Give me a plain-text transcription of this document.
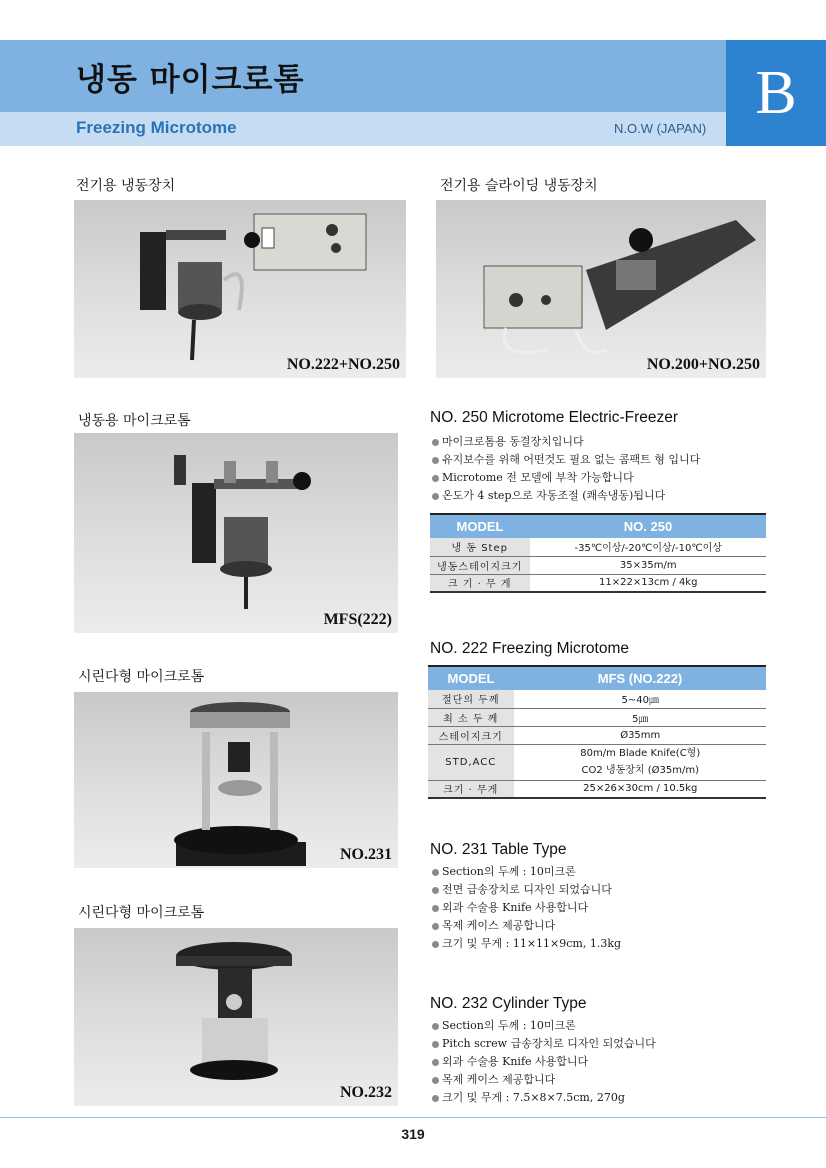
냉동 마이크로톰
Freezing Microtome	N.O.W (JAPAN)
B
전기용 냉동장치	전기용 슬라이딩 냉동장치
NO.222+NO.250	NO.200+NO.250
냉동용 마이크로톰
MFS(222)
NO. 250 Microtome Electric-Freezer
마이크로톰용 동결장치입니다
유지보수를 위해 어떤것도 필요 없는 콤팩트 형 입니다
Microtome 전 모델에 부착 가능합니다
온도가 4 step으로 자동조절 (쾌속냉동)됩니다
MODEL	NO. 250
냉 동 Step	-35℃이상/-20℃이상/-10℃이상
냉동스테이지크기	35×35m/m
크 기 · 무 게	11×22×13cm / 4kg
NO. 222 Freezing Microtome
MODEL	MFS (NO.222)
절단의 두께	5~40㎛
최 소 두 께	5㎛
스테이지크기	Ø35mm
STD,ACC	80m/m Blade Knife(C형)
CO2 냉동장치 (Ø35m/m)

크기 · 무게	25×26×30cm / 10.5kg
시린다형 마이크로톰
NO.231 NO. 231 Table Type
Section의 두께 : 10미크론
전면 급송장치로 디자인 되었습니다
외과 수술용 Knife 사용합니다
목제 케이스 제공합니다
크기 및 무게 : 11×11×9cm, 1.3kg
시린다형 마이크로톰
NO.232
NO. 232 Cylinder Type
Section의 두께 : 10미크론
Pitch screw 급송장치로 디자인 되었습니다
외과 수술용 Knife 사용합니다
목제 케이스 제공합니다
크기 및 무게 : 7.5×8×7.5cm, 270g
319
